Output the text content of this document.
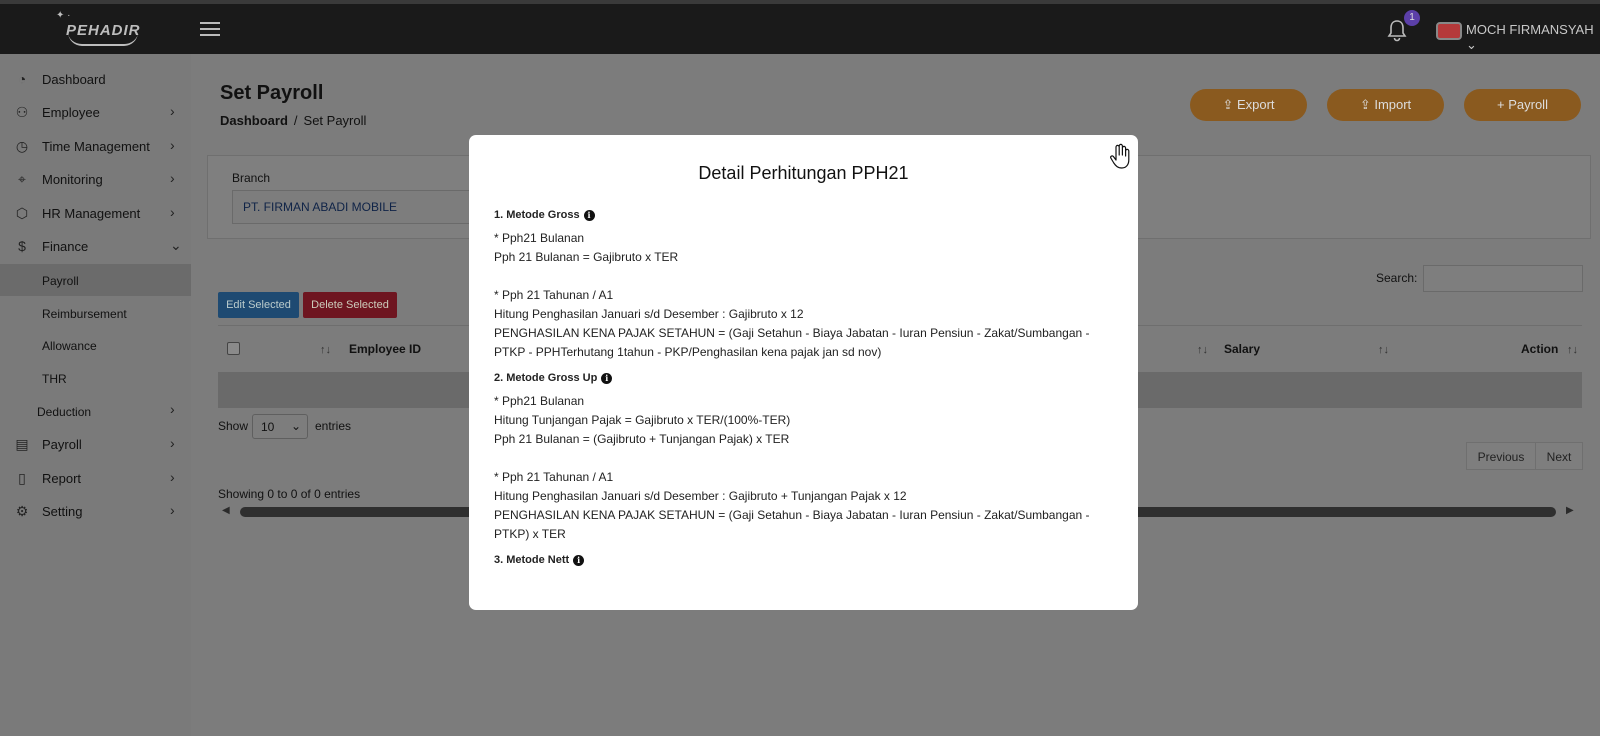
✦ ·
PEHADIR
1
MOCH FIRMANSYAH ⌄
◔ Dashboard
⚇ Employee	›
◷ Time Management ›
⌖	Monitoring	›
⬡ HR Management ›
$	Finance	⌄
Payroll
Reimbursement
Allowance
THR
Deduction	›
▤ Payroll	›
▯	Report	›
⚙ Setting	›
Set Payroll
Dashboard / Set Payroll
⇪ Export	⇪ Import	+ Payroll
Branch
PT. FIRMAN ABADI MOBILE
Edit Selected	Delete Selected
Search:
↑↓ Employee ID	↑↓ Salary	↑↓	Action ↑↓
Show	10 ⌄ entries
Previous	Next
Showing 0 to 0 of 0 entries
◀	▶
Detail Perhitungan PPH21
1. Metode Gross i
* Pph21 Bulanan
Pph 21 Bulanan = Gajibruto x TER
* Pph 21 Tahunan / A1
Hitung Penghasilan Januari s/d Desember : Gajibruto x 12
PENGHASILAN KENA PAJAK SETAHUN = (Gaji Setahun - Biaya Jabatan - Iuran Pensiun - Zakat/Sumbangan -
PTKP - PPHTerhutang 1tahun - PKP/Penghasilan kena pajak jan sd nov)
2. Metode Gross Up i
* Pph21 Bulanan
Hitung Tunjangan Pajak = Gajibruto x TER/(100%-TER)
Pph 21 Bulanan = (Gajibruto + Tunjangan Pajak) x TER
* Pph 21 Tahunan / A1
Hitung Penghasilan Januari s/d Desember : Gajibruto + Tunjangan Pajak x 12
PENGHASILAN KENA PAJAK SETAHUN = (Gaji Setahun - Biaya Jabatan - Iuran Pensiun - Zakat/Sumbangan -
PTKP) x TER
3. Metode Nett i
